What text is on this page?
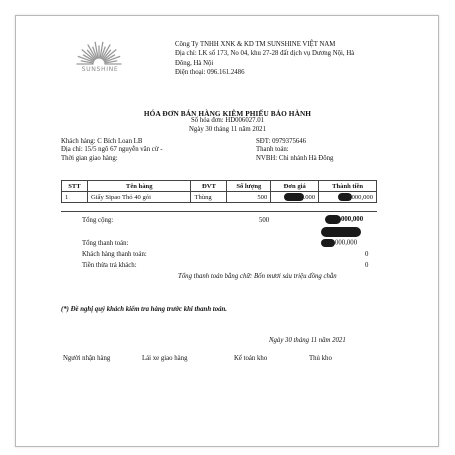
SUNSHINE
Công Ty TNHH XNK & KD TM SUNSHINE VIỆT NAM
Địa chỉ: LK số 173, No 04, khu 27-28 đất dịch vụ Dương Nội, Hà
Đông, Hà Nội
Điện thoại: 096.161.2486
HÓA ĐƠN BÁN HÀNG KIÊM PHIẾU BẢO HÀNH
Số hóa đơn: HD006027.01
Ngày 30 tháng 11 năm 2021
Khách hàng: C Bích Loan LB
Địa chỉ: 15/5 ngõ 67 nguyễn văn cừ -
Thời gian giao hàng:
SĐT: 0979375646
Thanh toán:
NVBH: Chi nhánh Hà Đông
STT	Tên hàng	ĐVT	Số lượng	Đơn giá	Thành tiền
1	Giấy Sipao Thỏ 40 gói	Thùng	500	.000	000,000
Tổng cộng:	500	000,000
Tổng thanh toán:	000,000
Khách hàng thanh toán:	0
Tiền thừa trả khách:	0
Tổng thanh toán bằng chữ: Bốn mươi sáu triệu đồng chẵn
(*) Đề nghị quý khách kiểm tra hàng trước khi thanh toán.
Ngày 30 tháng 11 năm 2021
Người nhận hàng	Lái xe giao hàng	Kế toán kho	Thủ kho
